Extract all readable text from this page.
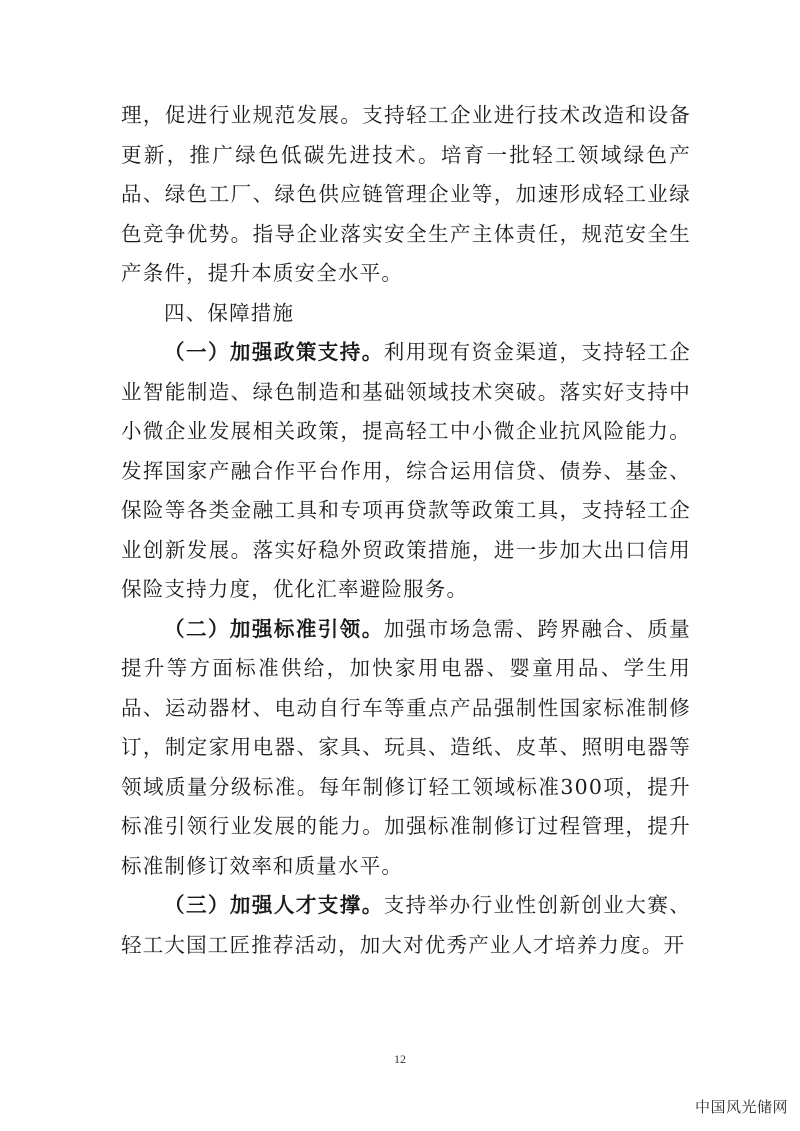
理，促进行业规范发展。支持轻工企业进行技术改造和设备更新，推广绿色低碳先进技术。培育一批轻工领域绿色产品、绿色工厂、绿色供应链管理企业等，加速形成轻工业绿色竞争优势。指导企业落实安全生产主体责任，规范安全生产条件，提升本质安全水平。

四、保障措施

（一）加强政策支持。利用现有资金渠道，支持轻工企业智能制造、绿色制造和基础领域技术突破。落实好支持中小微企业发展相关政策，提高轻工中小微企业抗风险能力。发挥国家产融合作平台作用，综合运用信贷、债券、基金、保险等各类金融工具和专项再贷款等政策工具，支持轻工企业创新发展。落实好稳外贸政策措施，进一步加大出口信用保险支持力度，优化汇率避险服务。

（二）加强标准引领。加强市场急需、跨界融合、质量提升等方面标准供给，加快家用电器、婴童用品、学生用品、运动器材、电动自行车等重点产品强制性国家标准制修订，制定家用电器、家具、玩具、造纸、皮革、照明电器等领域质量分级标准。每年制修订轻工领域标准300项，提升标准引领行业发展的能力。加强标准制修订过程管理，提升标准制修订效率和质量水平。

（三）加强人才支撑。支持举办行业性创新创业大赛、轻工大国工匠推荐活动，加大对优秀产业人才培养力度。开

12
中国风光储网
